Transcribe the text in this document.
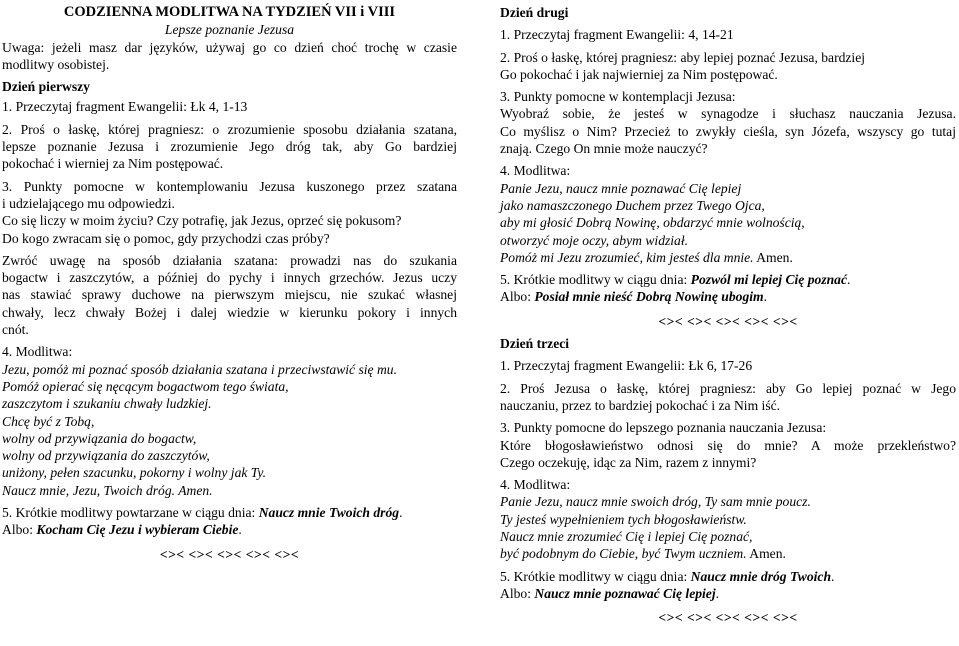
CODZIENNA MODLITWA NA TYDZIEŃ VII i VIII

Lepsze poznanie Jezusa

Uwaga: jeżeli masz dar języków, używaj go co dzień choć trochę w czasie

modlitwy osobistej.

Dzień pierwszy

1. Przeczytaj fragment Ewangelii: Łk 4, 1-13

2. Proś o łaskę, której pragniesz: o zrozumienie sposobu działania szatana,

lepsze poznanie Jezusa i zrozumienie Jego dróg tak, aby Go bardziej

pokochać i wierniej za Nim postępować.

3. Punkty pomocne w kontemplowaniu Jezusa kuszonego przez szatana

i udzielającego mu odpowiedzi.

Co się liczy w moim życiu? Czy potrafię, jak Jezus, oprzeć się pokusom?

Do kogo zwracam się o pomoc, gdy przychodzi czas próby?

Zwróć uwagę na sposób działania szatana: prowadzi nas do szukania

bogactw i zaszczytów, a później do pychy i innych grzechów. Jezus uczy

nas stawiać sprawy duchowe na pierwszym miejscu, nie szukać własnej

chwały, lecz chwały Bożej i dalej wiedzie w kierunku pokory i innych

cnót.

4. Modlitwa:

Jezu, pomóż mi poznać sposób działania szatana i przeciwstawić się mu.

Pomóż opierać się nęcącym bogactwom tego świata,

zaszczytom i szukaniu chwały ludzkiej.

Chcę być z Tobą,

wolny od przywiązania do bogactw,

wolny od przywiązania do zaszczytów,

uniżony, pełen szacunku, pokorny i wolny jak Ty.

Naucz mnie, Jezu, Twoich dróg. Amen.

5. Krótkie modlitwy powtarzane w ciągu dnia: Naucz mnie Twoich dróg.

Albo: Kocham Cię Jezu i wybieram Ciebie.

<>< <>< <>< <>< <><

Dzień drugi

1. Przeczytaj fragment Ewangelii: 4, 14-21

2. Proś o łaskę, której pragniesz: aby lepiej poznać Jezusa, bardziej

Go pokochać i jak najwierniej za Nim postępować.

3. Punkty pomocne w kontemplacji Jezusa:

Wyobraź sobie, że jesteś w synagodze i słuchasz nauczania Jezusa.

Co myślisz o Nim? Przecież to zwykły cieśla, syn Józefa, wszyscy go tutaj

znają. Czego On mnie może nauczyć?

4. Modlitwa:

Panie Jezu, naucz mnie poznawać Cię lepiej

jako namaszczonego Duchem przez Twego Ojca,

aby mi głosić Dobrą Nowinę, obdarzyć mnie wolnością,

otworzyć moje oczy, abym widział.

Pomóż mi Jezu zrozumieć, kim jesteś dla mnie. Amen.

5. Krótkie modlitwy w ciągu dnia: Pozwól mi lepiej Cię poznać.

Albo: Posiał mnie nieść Dobrą Nowinę ubogim.

<>< <>< <>< <>< <><

Dzień trzeci

1. Przeczytaj fragment Ewangelii: Łk 6, 17-26

2. Proś Jezusa o łaskę, której pragniesz: aby Go lepiej poznać w Jego

nauczaniu, przez to bardziej pokochać i za Nim iść.

3. Punkty pomocne do lepszego poznania nauczania Jezusa:

Które błogosławieństwo odnosi się do mnie? A może przekleństwo?

Czego oczekuję, idąc za Nim, razem z innymi?

4. Modlitwa:

Panie Jezu, naucz mnie swoich dróg, Ty sam mnie poucz.

Ty jesteś wypełnieniem tych błogosławieństw.

Naucz mnie zrozumieć Cię i lepiej Cię poznać,

być podobnym do Ciebie, być Twym uczniem. Amen.

5. Krótkie modlitwy w ciągu dnia: Naucz mnie dróg Twoich.

Albo: Naucz mnie poznawać Cię lepiej.

<>< <>< <>< <>< <><
